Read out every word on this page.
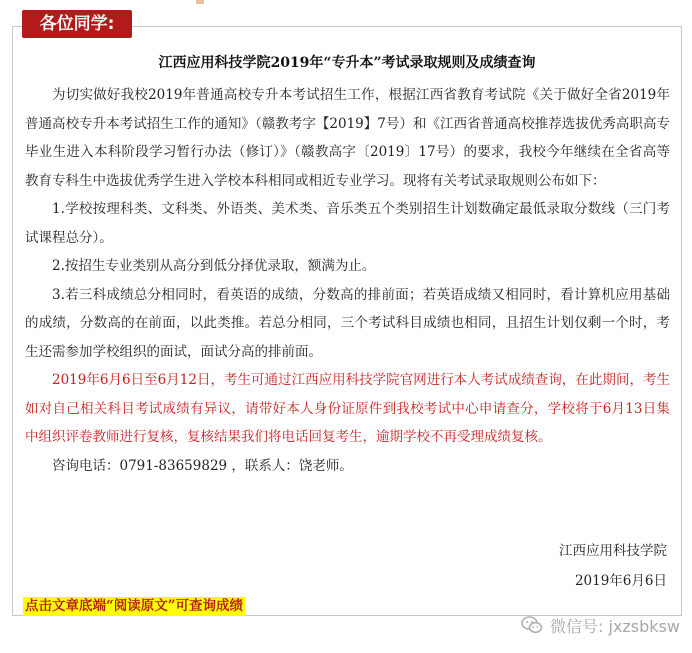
江西应用科技学院2019年“专升本”考试录取规则及成绩查询

为切实做好我校2019年普通高校专升本考试招生工作，根据江西省教育考试院《关于做好全省2019年普通高校专升本考试招生工作的通知》（赣教考字【2019】7号）和《江西省普通高校推荐选拔优秀高职高专毕业生进入本科阶段学习暂行办法（修订）》（赣教高字〔2019〕17号）的要求，我校今年继续在全省高等教育专科生中选拔优秀学生进入学校本科相同或相近专业学习。现将有关考试录取规则公布如下：

1.学校按理科类、文科类、外语类、美术类、音乐类五个类别招生计划数确定最低录取分数线（三门考试课程总分）。

2.按招生专业类别从高分到低分择优录取，额满为止。

3.若三科成绩总分相同时，看英语的成绩，分数高的排前面；若英语成绩又相同时，看计算机应用基础的成绩，分数高的在前面，以此类推。若总分相同，三个考试科目成绩也相同，且招生计划仅剩一个时，考生还需参加学校组织的面试，面试分高的排前面。

2019年6月6日至6月12日，考生可通过江西应用科技学院官网进行本人考试成绩查询，在此期间，考生如对自己相关科目考试成绩有异议，请带好本人身份证原件到我校考试中心申请查分，学校将于6月13日集中组织评卷教师进行复核，复核结果我们将电话回复考生，逾期学校不再受理成绩复核。

咨询电话：0791-83659829 ，联系人：饶老师。

江西应用科技学院
2019年6月6日
点击文章底端“阅读原文”可查询成绩
各位同学:
微信号: jxzsbksw
